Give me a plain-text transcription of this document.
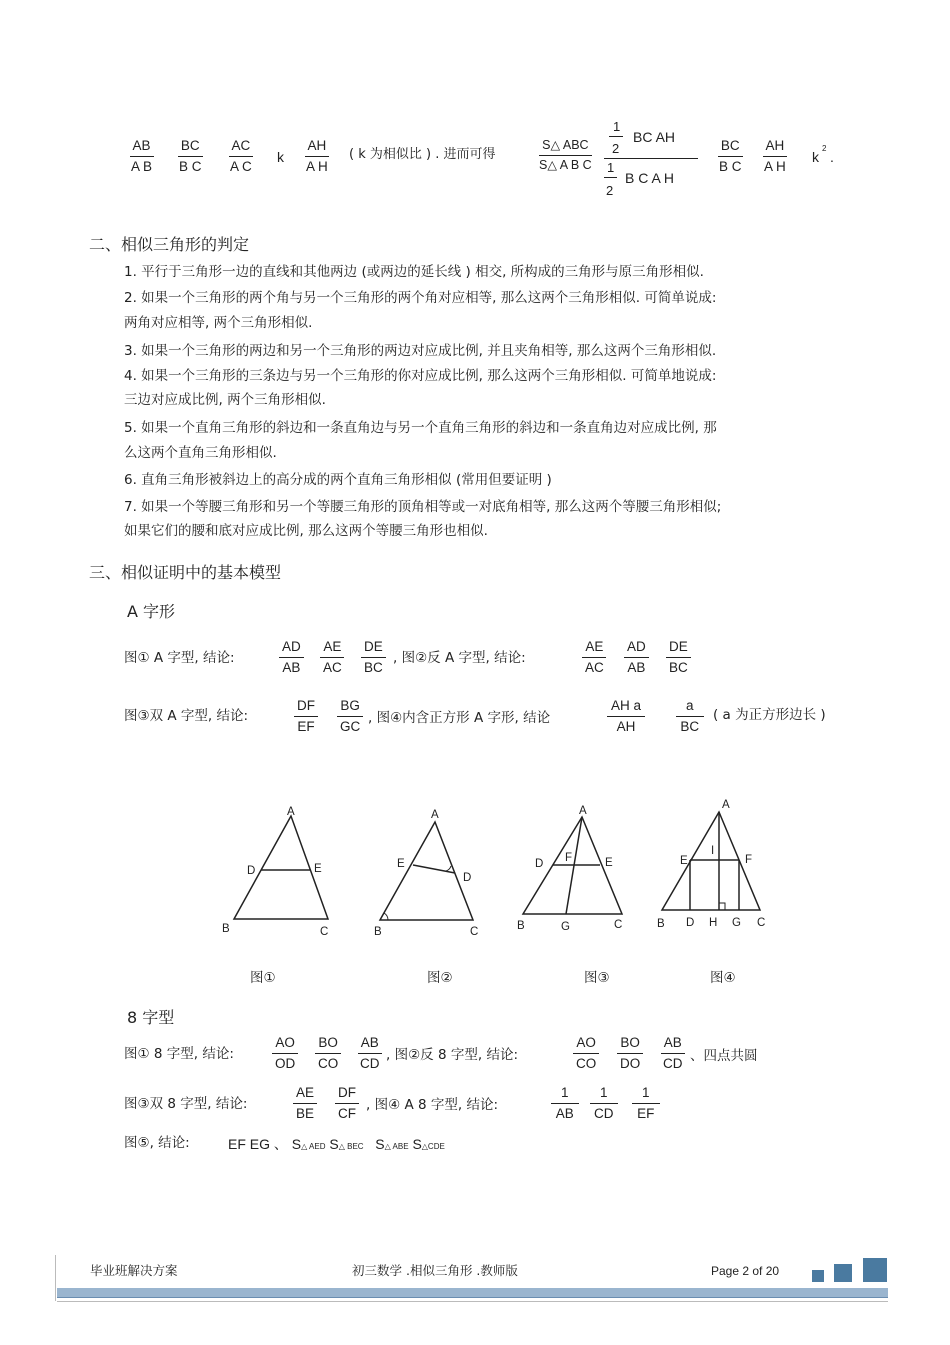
$\frac{AB}{\text{A B}} \frac{BC}{\text{B C}} \frac{AC}{\text{A C}}$ k $\frac{AH}{\text{A H}}$ ( k 为相似比 ) . 进而可得
S△ ABC
S△ A B C
1
2
BC AH
1
2
B C A H
$\frac{BC}{\text{B C}} \frac{AH}{\text{A H}}$ k
2
.
二、相似三角形的判定
1. 平行于三角形一边的直线和其他两边 (或两边的延长线 ) 相交, 所构成的三角形与原三角形相似.
2. 如果一个三角形的两个角与另一个三角形的两个角对应相等, 那么这两个三角形相似. 可简单说成:
两角对应相等, 两个三角形相似.
3. 如果一个三角形的两边和另一个三角形的两边对应成比例, 并且夹角相等, 那么这两个三角形相似.
4. 如果一个三角形的三条边与另一个三角形的你对应成比例, 那么这两个三角形相似. 可简单地说成:
三边对应成比例, 两个三角形相似.
5. 如果一个直角三角形的斜边和一条直角边与另一个直角三角形的斜边和一条直角边对应成比例, 那
么这两个直角三角形相似.
6. 直角三角形被斜边上的高分成的两个直角三角形相似 (常用但要证明 )
7. 如果一个等腰三角形和另一个等腰三角形的顶角相等或一对底角相等, 那么这两个等腰三角形相似;
如果它们的腰和底对应成比例, 那么这两个等腰三角形也相似.
三、相似证明中的基本模型
A 字形
图① A 字型, 结论:	$\frac{AD}{AB} \frac{AE}{AC} \frac{DE}{BC}$ , 图②反 A 字型, 结论:	$\frac{AE}{AC} \frac{AD}{AB} \frac{DE}{BC}$
图③双 A 字型, 结论:	$\frac{DF}{EF} \frac{BG}{GC}$ , 图④内含正方形 A 字形, 结论	$\frac{\text{AH a}}{AH} \frac{a}{BC}$ ( a 为正方形边长 )
A
D	E
B	C
A
E
D
B	C
A
D F	E
B	G	C
A
E
I
F
B D H G C
图①	图②	图③	图④
8 字型
图① 8 字型, 结论:	$\frac{AO}{OD} \frac{BO}{CO} \frac{AB}{CD}$ , 图②反 8 字型, 结论:	$\frac{AO}{CO} \frac{BO}{DO} \frac{AB}{CD}$ 、四点共圆
图③双 8 字型, 结论:	$\frac{AE}{BE} \frac{DF}{CF}$ , 图④ A 8 字型, 结论:	$\frac{1}{AB} \frac{1}{CD} \frac{1}{EF}$
图⑤, 结论:	EF EG 、 S△ AED S△ BEC S△ ABE S△CDE
毕业班解决方案	初三数学 .相似三角形 .教师版	Page 2 of 20
